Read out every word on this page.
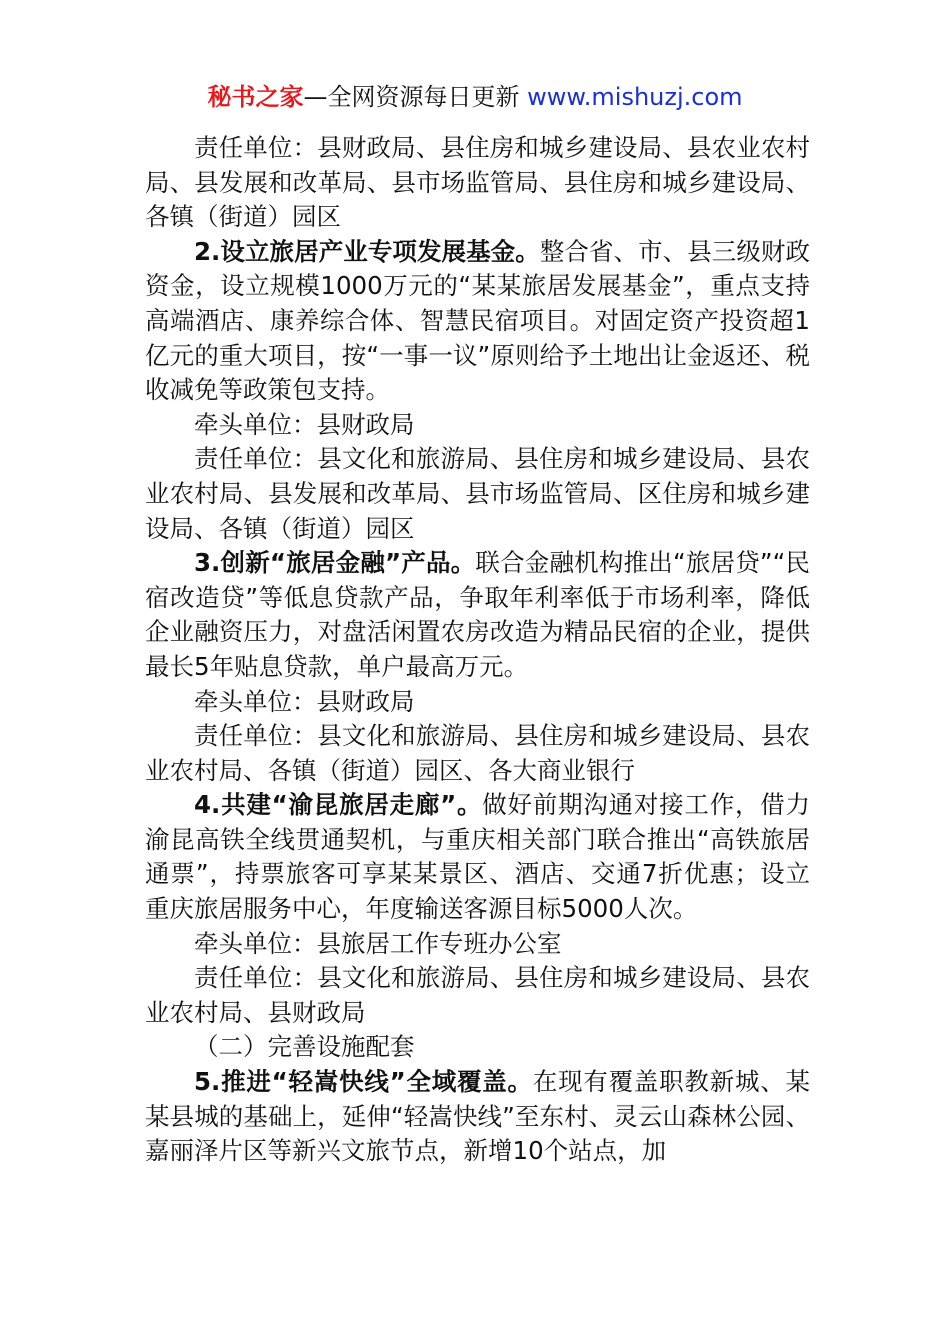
秘书之家—全网资源每日更新 www.mishuzj.com

责任单位：县财政局、县住房和城乡建设局、县农业农村局、县发展和改革局、县市场监管局、县住房和城乡建设局、各镇（街道）园区

2.设立旅居产业专项发展基金。整合省、市、县三级财政资金，设立规模1000万元的“某某旅居发展基金”，重点支持高端酒店、康养综合体、智慧民宿项目。对固定资产投资超1亿元的重大项目，按“一事一议”原则给予土地出让金返还、税收减免等政策包支持。

牵头单位：县财政局

责任单位：县文化和旅游局、县住房和城乡建设局、县农业农村局、县发展和改革局、县市场监管局、区住房和城乡建设局、各镇（街道）园区

3.创新“旅居金融”产品。联合金融机构推出“旅居贷”“民宿改造贷”等低息贷款产品，争取年利率低于市场利率，降低企业融资压力，对盘活闲置农房改造为精品民宿的企业，提供最长5年贴息贷款，单户最高万元。

牵头单位：县财政局

责任单位：县文化和旅游局、县住房和城乡建设局、县农业农村局、各镇（街道）园区、各大商业银行

4.共建“渝昆旅居走廊”。做好前期沟通对接工作，借力渝昆高铁全线贯通契机，与重庆相关部门联合推出“高铁旅居通票”，持票旅客可享某某景区、酒店、交通7折优惠；设立重庆旅居服务中心，年度输送客源目标5000人次。

牵头单位：县旅居工作专班办公室

责任单位：县文化和旅游局、县住房和城乡建设局、县农业农村局、县财政局

（二）完善设施配套

5.推进“轻嵩快线”全域覆盖。在现有覆盖职教新城、某某县城的基础上，延伸“轻嵩快线”至东村、灵云山森林公园、嘉丽泽片区等新兴文旅节点，新增10个站点，加
